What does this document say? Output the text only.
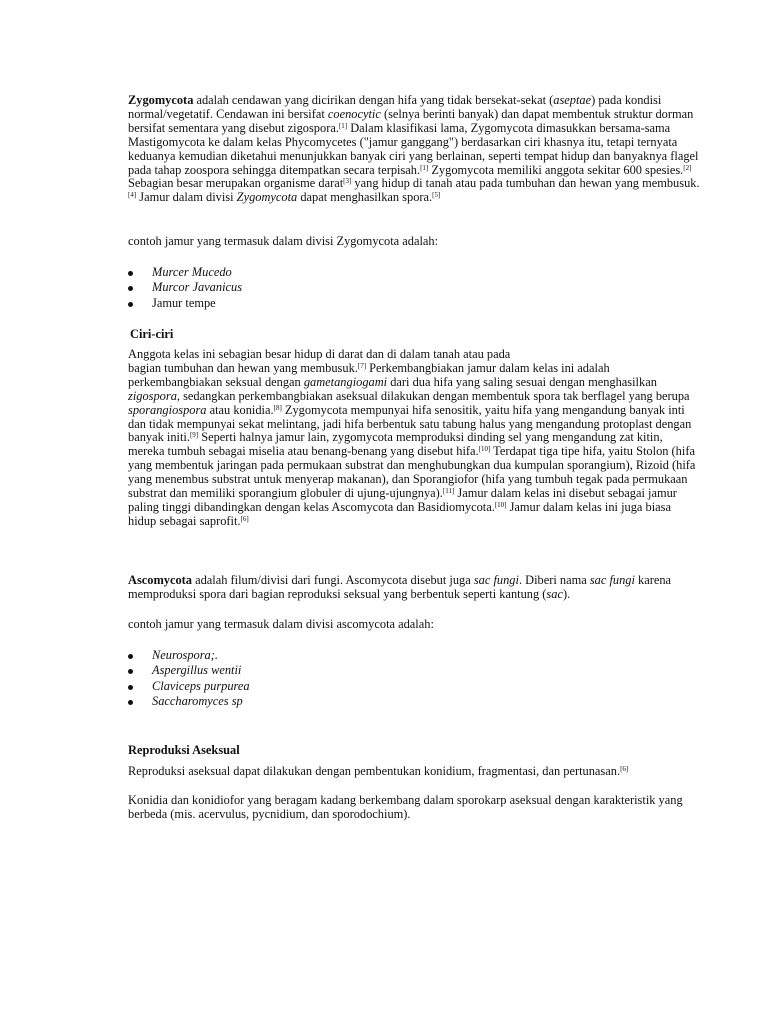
Zygomycota adalah cendawan yang dicirikan dengan hifa yang tidak bersekat-sekat (aseptae) pada kondisi normal/vegetatif. Cendawan ini bersifat coenocytic (selnya berinti banyak) dan dapat membentuk struktur dorman bersifat sementara yang disebut zigospora.[1] Dalam klasifikasi lama, Zygomycota dimasukkan bersama-sama Mastigomycota ke dalam kelas Phycomycetes ("jamur ganggang") berdasarkan ciri khasnya itu, tetapi ternyata keduanya kemudian diketahui menunjukkan banyak ciri yang berlainan, seperti tempat hidup dan banyaknya flagel pada tahap zoospora sehingga ditempatkan secara terpisah.[1] Zygomycota memiliki anggota sekitar 600 spesies.[2] Sebagian besar merupakan organisme darat[3] yang hidup di tanah atau pada tumbuhan dan hewan yang membusuk.[4] Jamur dalam divisi Zygomycota dapat menghasilkan spora.[5]

contoh jamur yang termasuk dalam divisi Zygomycota adalah:

Murcer Mucedo
Murcor Javanicus
Jamur tempe

Ciri-ciri

Anggota kelas ini sebagian besar hidup di darat dan di dalam tanah atau pada
bagian tumbuhan dan hewan yang membusuk.[7] Perkembangbiakan jamur dalam kelas ini adalah perkembangbiakan seksual dengan gametangiogami dari dua hifa yang saling sesuai dengan menghasilkan zigospora, sedangkan perkembangbiakan aseksual dilakukan dengan membentuk spora tak berflagel yang berupa sporangiospora atau konidia.[8] Zygomycota mempunyai hifa senositik, yaitu hifa yang mengandung banyak inti dan tidak mempunyai sekat melintang, jadi hifa berbentuk satu tabung halus yang mengandung protoplast dengan banyak initi.[9] Seperti halnya jamur lain, zygomycota memproduksi dinding sel yang mengandung zat kitin, mereka tumbuh sebagai miselia atau benang-benang yang disebut hifa.[10] Terdapat tiga tipe hifa, yaitu Stolon (hifa yang membentuk jaringan pada permukaan substrat dan menghubungkan dua kumpulan sporangium), Rizoid (hifa yang menembus substrat untuk menyerap makanan), dan Sporangiofor (hifa yang tumbuh tegak pada permukaan substrat dan memiliki sporangium globuler di ujung-ujungnya).[11] Jamur dalam kelas ini disebut sebagai jamur paling tinggi dibandingkan dengan kelas Ascomycota dan Basidiomycota.[10] Jamur dalam kelas ini juga biasa hidup sebagai saprofit.[6]

Ascomycota adalah filum/divisi dari fungi. Ascomycota disebut juga sac fungi. Diberi nama sac fungi karena memproduksi spora dari bagian reproduksi seksual yang berbentuk seperti kantung (sac).

contoh jamur yang termasuk dalam divisi ascomycota adalah:

Neurospora;.
Aspergillus wentii
Claviceps purpurea
Saccharomyces sp

Reproduksi Aseksual

Reproduksi aseksual dapat dilakukan dengan pembentukan konidium, fragmentasi, dan pertunasan.[6]

Konidia dan konidiofor yang beragam kadang berkembang dalam sporokarp aseksual dengan karakteristik yang berbeda (mis. acervulus, pycnidium, dan sporodochium).
